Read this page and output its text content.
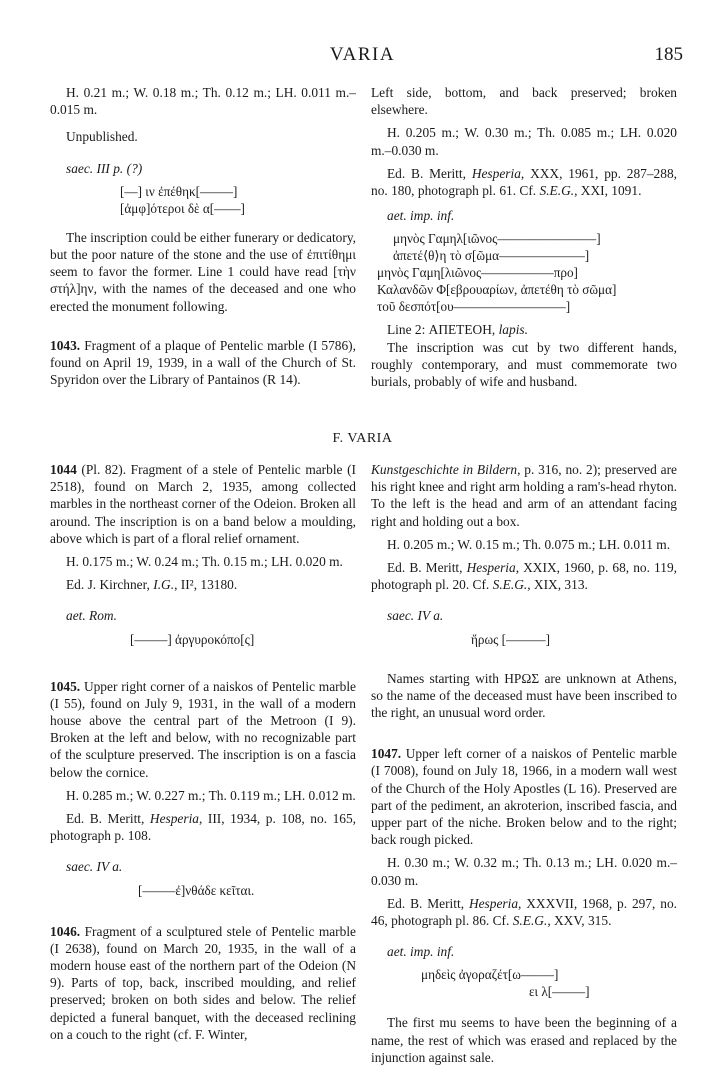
VARIA	185

H. 0.21 m.; W. 0.18 m.; Th. 0.12 m.; LH. 0.011 m.–0.015 m.

Unpublished.

saec. III p. (?)

[––] ιν ἐπέθηκ[–––––]
[ἀμφ]ότεροι δὲ α[––––]

The inscription could be either funerary or dedicatory, but the poor nature of the stone and the use of ἐπιτίθημι seem to favor the former. Line 1 could have read [τὴν στήλ]ην, with the names of the deceased and one who erected the monument following.

1043. Fragment of a plaque of Pentelic marble (I 5786), found on April 19, 1939, in a wall of the Church of St. Spyridon over the Library of Pantainos (R 14).

Left side, bottom, and back preserved; broken elsewhere.

H. 0.205 m.; W. 0.30 m.; Th. 0.085 m.; LH. 0.020 m.–0.030 m.

Ed. B. Meritt, Hesperia, XXX, 1961, pp. 287–288, no. 180, photograph pl. 61. Cf. S.E.G., XXI, 1091.

aet. imp. inf.

μηνὸς Γαμηλ[ιῶνος–––––––––––––––]
ἀπετέ⟨θ⟩η τὸ σ[ῶμα–––––––––––––]
μηνὸς Γαμη[λιῶνος–––––––––––προ]
Καλανδῶν Φ[εβρουαρίων, ἀπετέθη τὸ σῶμα]
τοῦ δεσπότ[ου–––––––––––––––––]

Line 2: ΑΠΕΤΕΟΗ, lapis.

The inscription was cut by two different hands, roughly contemporary, and must commemorate two burials, probably of wife and husband.

F. VARIA

1044 (Pl. 82). Fragment of a stele of Pentelic marble (I 2518), found on March 2, 1935, among collected marbles in the northeast corner of the Odeion. Broken all around. The inscription is on a band below a moulding, above which is part of a floral relief ornament.

H. 0.175 m.; W. 0.24 m.; Th. 0.15 m.; LH. 0.020 m.

Ed. J. Kirchner, I.G., II², 13180.

aet. Rom.

[–––––] ἀργυροκόπο[ς]

1045. Upper right corner of a naiskos of Pentelic marble (I 55), found on July 9, 1931, in the wall of a modern house above the central part of the Metroon (I 9). Broken at the left and below, with no recognizable part of the sculpture preserved. The inscription is on a fascia below the cornice.

H. 0.285 m.; W. 0.227 m.; Th. 0.119 m.; LH. 0.012 m.

Ed. B. Meritt, Hesperia, III, 1934, p. 108, no. 165, photograph p. 108.

saec. IV a.

[–––––ἐ]νθάδε κεῖται.

1046. Fragment of a sculptured stele of Pentelic marble (I 2638), found on March 20, 1935, in the wall of a modern house east of the northern part of the Odeion (N 9). Parts of top, back, inscribed moulding, and relief preserved; broken on both sides and below. The relief depicted a funeral banquet, with the deceased reclining on a couch to the right (cf. F. Winter,

Kunstgeschichte in Bildern, p. 316, no. 2); preserved are his right knee and right arm holding a ram's-head rhyton. To the left is the head and arm of an attendant facing right and holding out a box.

H. 0.205 m.; W. 0.15 m.; Th. 0.075 m.; LH. 0.011 m.

Ed. B. Meritt, Hesperia, XXIX, 1960, p. 68, no. 119, photograph pl. 20. Cf. S.E.G., XIX, 313.

saec. IV a.

ἥρως [––––––]

Names starting with ΗΡΩΣ are unknown at Athens, so the name of the deceased must have been inscribed to the right, an unusual word order.

1047. Upper left corner of a naiskos of Pentelic marble (I 7008), found on July 18, 1966, in a modern wall west of the Church of the Holy Apostles (L 16). Preserved are part of the pediment, an akroterion, inscribed fascia, and upper part of the niche. Broken below and to the right; back rough picked.

H. 0.30 m.; W. 0.32 m.; Th. 0.13 m.; LH. 0.020 m.–0.030 m.

Ed. B. Meritt, Hesperia, XXXVII, 1968, p. 297, no. 46, photograph pl. 86. Cf. S.E.G., XXV, 315.

aet. imp. inf.

μηδεὶς ἀγοραζέτ[ω–––––]
ει λ[–––––]

The first mu seems to have been the beginning of a name, the rest of which was erased and replaced by the injunction against sale.
